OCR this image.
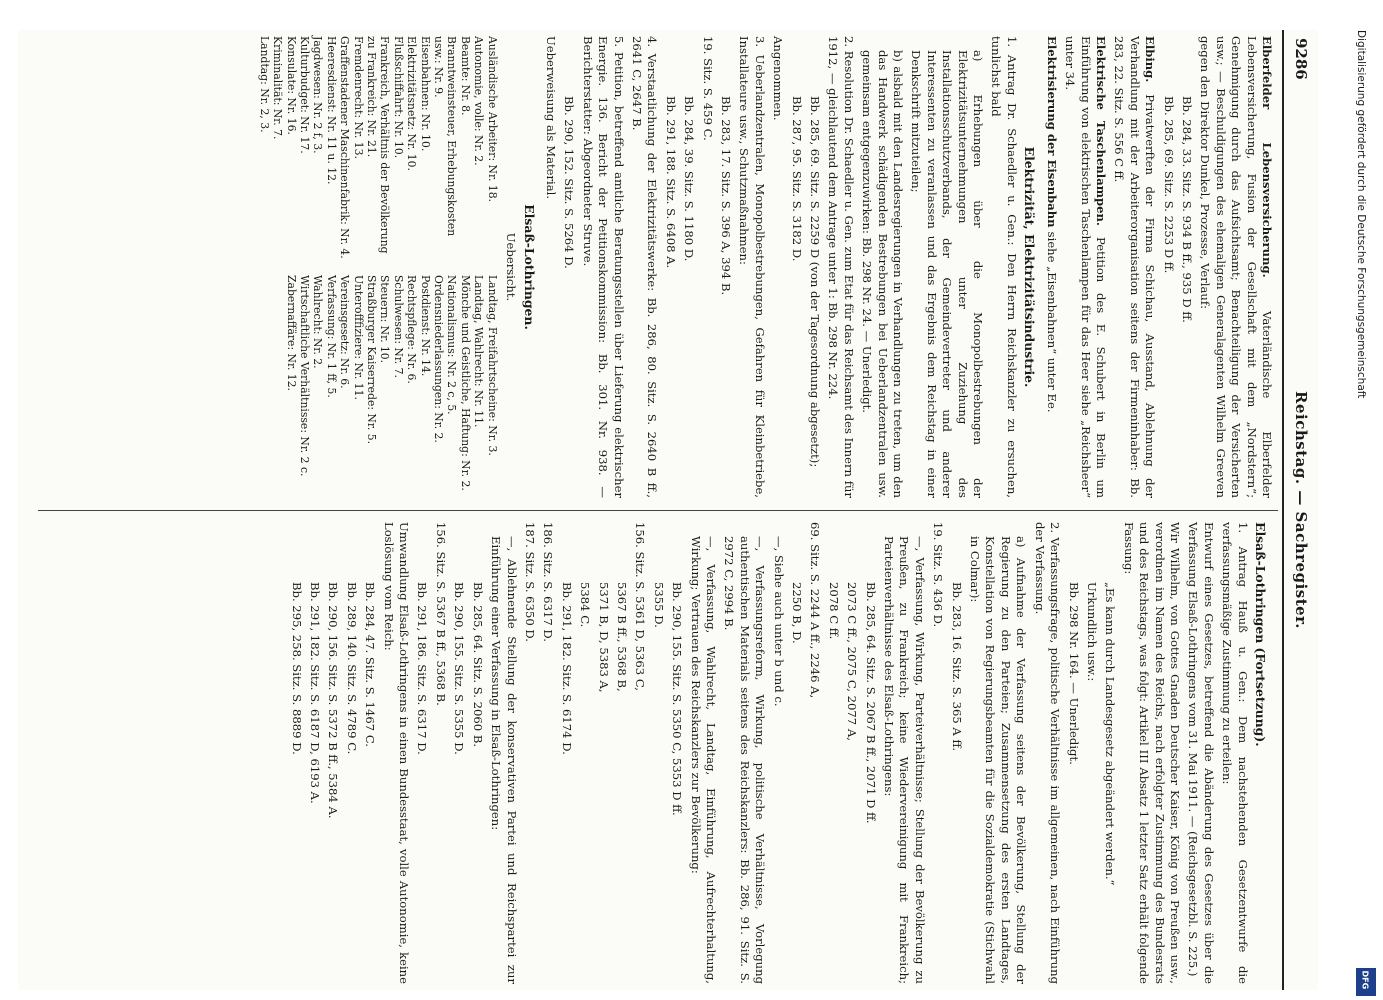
9286
Reichstag. — Sachregister.

Elberfelder Lebensversicherung. Vaterländische Elberfelder Lebensversicherung, Fusion der Gesellschaft mit dem „Nordstern“; Genehmigung durch das Aufsichtsamt; Benachteiligung der Versicherten usw.; — Beschuldigungen des ehemaligen Generalagenten Wilhelm Greeven gegen den Direktor Dunkel, Prozesse, Verlauf:

Bb. 284, 33. Sitz. S. 934 B ff., 935 D ff.

Bb. 285, 69. Sitz. S. 2253 D ff.

Elbing. Privatwerften der Firma Schichau, Ausstand, Ablehnung der Verhandlung mit der Arbeiterorganisation seitens der Firmeninhaber: Bb. 283, 22. Sitz. S. 556 C ff.

Elektrische Taschenlampen. Petition des E. Schubert in Berlin um Einführung von elektrischen Taschenlampen für das Heer siehe „Reichsheer“ unter 34.

Elektrisierung der Eisenbahn siehe „Eisenbahnen“ unter Ee.

Elektrizität, Elektrizitätsindustrie.

1. Antrag Dr. Schaedler u. Gen.: Den Herrn Reichskanzler zu ersuchen, tunlichst bald

a) Erhebungen über die Monopolbestrebungen der Elektrizitätsunternehmungen unter Zuziehung des Installationsschutzverbands, der Gemeindevertreter und anderer Interessenten zu veranlassen und das Ergebnis dem Reichstag in einer Denkschrift mitzuteilen;

b) alsbald mit den Landesregierungen in Verhandlungen zu treten, um den das Handwerk schädigenden Bestrebungen bei Ueberlandzentralen usw. gemeinsam entgegenzuwirken: Bb. 298 Nr. 24. — Unerledigt.

2. Resolution Dr. Schaedler u. Gen. zum Etat für das Reichsamt des Innern für 1912, — gleichlautend dem Antrage unter 1: Bb. 298 Nr. 224.

Bb. 285, 69. Sitz. S. 2259 D (von der Tagesordnung abgesetzt);

Bb. 287, 95. Sitz. S. 3182 D.

Angenommen.

3. Ueberlandzentralen, Monopolbestrebungen, Gefahren für Kleinbetriebe, Installateure usw., Schutzmaßnahmen:

Bb. 283, 17. Sitz. S. 396 A, 394 B.

19. Sitz. S. 459 C.

Bb. 284, 39. Sitz. S. 1180 D.

Bb. 291, 188. Sitz. S. 6408 A.

4. Verstaatlichung der Elektrizitätswerke: Bb. 286, 80. Sitz. S. 2640 B ff., 2641 C, 2647 B.

5. Petition, betreffend amtliche Beratungsstellen über Lieferung elektrischer Energie. 136. Bericht der Petitionskommission: Bb. 301. Nr. 938. — Berichterstatter: Abgeordneter Struve.

Bb. 290, 152. Sitz. S. 5264 D.

Ueberweisung als Material.

Elsaß-Lothringen.
Uebersicht.
Ausländische Arbeiter: Nr. 18.
Autonomie, volle: Nr. 2.
Beamte: Nr. 8.
Branntweinsteuer, Erhebungskosten usw.: Nr. 9.
Eisenbahnen: Nr. 10.
Elektrizitätsnetz: Nr. 10.
Flußschiffahrt: Nr. 10.
Frankreich, Verhältnis der Bevölkerung zu Frankreich: Nr. 21.
Fremdenrecht: Nr. 13.
Graffenstadener Maschinenfabrik: Nr. 4.
Heeresdienst: Nr. 11 u. 12.
Jagdwesen: Nr. 2 f, 3.
Kulturbudget: Nr. 17.
Konsulate: Nr. 16.
Kriminalität: Nr. 7.
Landtag: Nr. 2, 3.
Landtag, Freifahrtscheine: Nr. 3.
Landtag, Wahlrecht: Nr. 11.
Mönche und Geistliche, Haftung: Nr. 2.
Nationalismus: Nr. 2 c, 5.
Ordensniederlassungen: Nr. 2.
Postdienst: Nr. 14.
Rechtspflege: Nr. 6.
Schulwesen: Nr. 7.
Steuern: Nr. 10.
Straßburger Kaiserrede: Nr. 5.
Unterofffiziere: Nr. 11.
Vereinsgesetz: Nr. 6.
Verfassung: Nr. 1 ff, 5.
Wahlrecht: Nr. 2.
Wirtschaftliche Verhältnisse: Nr. 2 c.
Zabernaffäre: Nr. 12.
Elsaß-Lothringen (Fortsetzung).

1. Antrag Hauß u. Gen.: Dem nachstehenden Gesetzentwurfe die verfassungsmäßige Zustimmung zu erteilen:

Entwurf eines Gesetzes, betreffend die Abänderung des Gesetzes über die Verfassung Elsaß-Lothringens vom 31. Mai 1911. — (Reichsgesetzbl. S. 225.)

Wir Wilhelm, von Gottes Gnaden Deutscher Kaiser, König von Preußen usw., verordnen im Namen des Reichs, nach erfolgter Zustimmung des Bundesrats und des Reichstags, was folgt: Artikel III Absatz 1 letzter Satz erhält folgende Fassung:

„Es kann durch Landesgesetz abgeändert werden.“

Urkundlich usw.:

Bb. 298 Nr. 164. — Unerledigt.

2. Verfassungsfrage, politische Verhältnisse im allgemeinen, nach Einführung der Verfassung.

a) Aufnahme der Verfassung seitens der Bevölkerung, Stellung der Regierung zu den Parteien; Zusammensetzung des ersten Landtages, Konstellation von Regierungsbeamten für die Sozialdemokratie (Stichwahl in Colmar):

Bb. 283, 16. Sitz. S. 365 A ff.

19. Sitz. S. 436 D.

—, Verfassung, Wirkung, Parteiverhältnisse; Stellung der Bevölkerung zu Preußen, zu Frankreich; keine Wiedervereinigung mit Frankreich; Parteienverhältnisse des Elsaß-Lothringens:

Bb. 285, 64. Sitz. S. 2067 B ff., 2071 D ff.

2073 C ff., 2075 C, 2077 A,

2078 C ff.

69. Sitz. S. 2244 A ff., 2246 A,

2250 B, D.

—, Siehe auch unter b und c.

—, Verfassungsreform, Wirkung, politische Verhältnisse, Vorlegung authentischen Materials seitens des Reichskanzlers: Bb. 286, 91. Sitz. S. 2972 C, 2994 B.

—, Verfassung, Wahlrecht, Landtag, Einführung, Aufrechterhaltung, Wirkung; Vertrauen des Reichskanzlers zur Bevölkerung:

Bb. 290, 155. Sitz. S. 5350 C, 5353 D ff.

5355 D.

156. Sitz. S. 5361 D, 5363 C,

5367 B ff., 5368 B,

5371 B, D, 5383 A,

5384 C.

Bb. 291, 182. Sitz. S. 6174 D.

186. Sitz. S. 6317 D.

187. Sitz. S. 6350 D.

—, Ablehnende Stellung der konservativen Partei und Reichspartei zur Einführung einer Verfassung in Elsaß-Lothringen:

Bb. 285, 64. Sitz. S. 2060 B.

Bb. 290, 155. Sitz. S. 5355 D.

156. Sitz. S. 5367 B ff., 5368 B.

Bb. 291, 186. Sitz. S. 6317 D.

Umwandlung Elsaß-Lothringens in einen Bundesstaat, volle Autonomie, keine Loslösung vom Reich:

Bb. 284, 47. Sitz. S. 1467 C.

Bb. 289, 140. Sitz. S. 4789 C.

Bb. 290, 156. Sitz. S. 5372 B ff., 5384 A.

Bb. 291, 182. Sitz. S. 6187 D, 6193 A.

Bb. 295, 258. Sitz. S. 8889 D.

Digitalisierung gefördert durch die Deutsche Forschungsgemeinschaft
DFG
